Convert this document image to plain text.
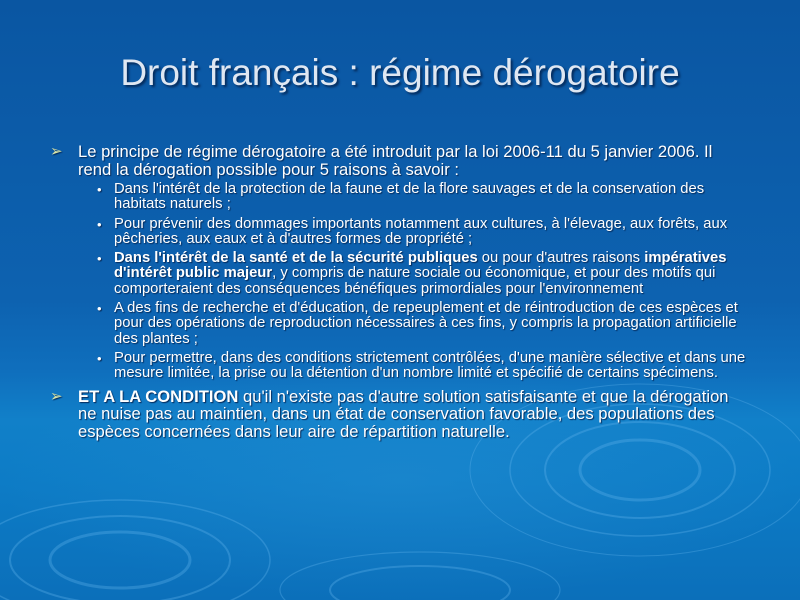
Droit français : régime dérogatoire
➢ Le principe de régime dérogatoire a été introduit par la loi 2006-11 du 5 janvier 2006. Il rend la dérogation possible pour 5 raisons à savoir :
• Dans l'intérêt de la protection de la faune et de la flore sauvages et de la conservation des habitats naturels ;
• Pour prévenir des dommages importants notamment aux cultures, à l'élevage, aux forêts, aux pêcheries, aux eaux et à d'autres formes de propriété ;
• Dans l'intérêt de la santé et de la sécurité publiques ou pour d'autres raisons impératives d'intérêt public majeur, y compris de nature sociale ou économique, et pour des motifs qui comporteraient des conséquences bénéfiques primordiales pour l'environnement
• A des fins de recherche et d'éducation, de repeuplement et de réintroduction de ces espèces et pour des opérations de reproduction nécessaires à ces fins, y compris la propagation artificielle des plantes ;
• Pour permettre, dans des conditions strictement contrôlées, d'une manière sélective et dans une mesure limitée, la prise ou la détention d'un nombre limité et spécifié de certains spécimens.
➢ ET A LA CONDITION qu'il n'existe pas d'autre solution satisfaisante et que la dérogation ne nuise pas au maintien, dans un état de conservation favorable, des populations des espèces concernées dans leur aire de répartition naturelle.
